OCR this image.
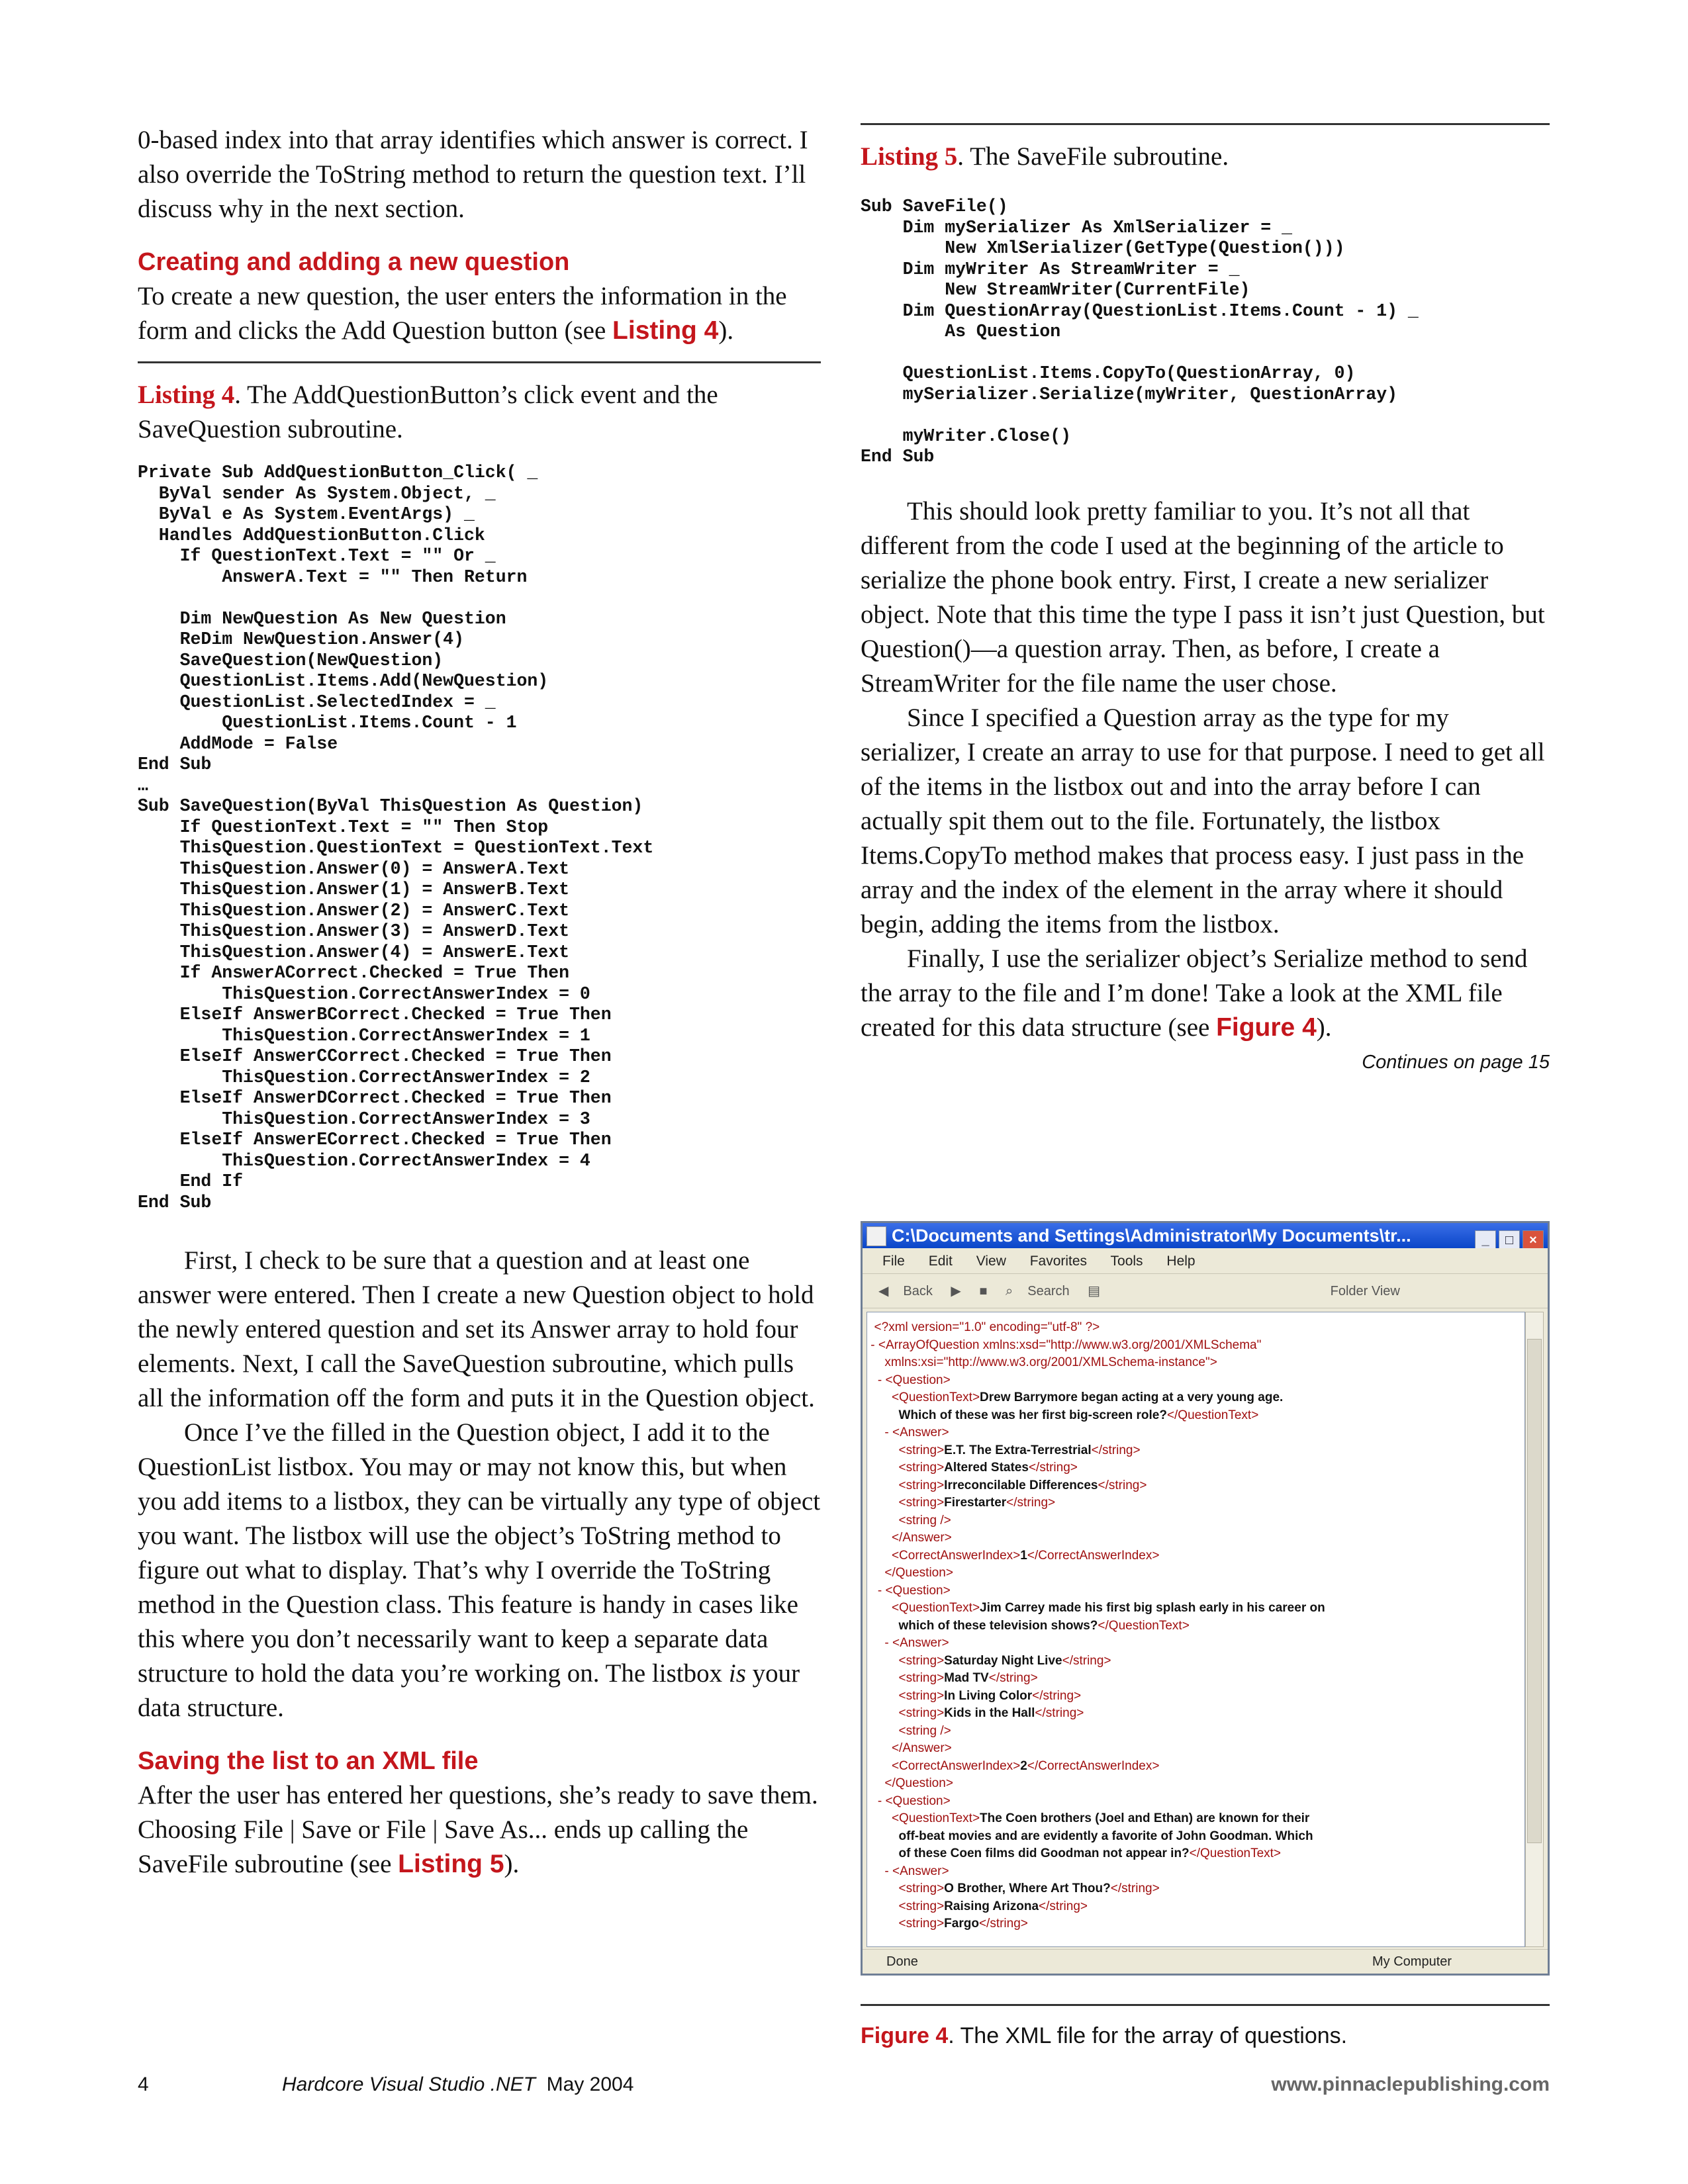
0-based index into that array identifies which answer is correct. I also override the ToString method to return the question text. I’ll discuss why in the next section.

Creating and adding a new question

To create a new question, the user enters the information in the form and clicks the Add Question button (see Listing 4).

Listing 4. The AddQuestionButton’s click event and the SaveQuestion subroutine.

Private Sub AddQuestionButton_Click( _
ByVal sender As System.Object, _
ByVal e As System.EventArgs) _
Handles AddQuestionButton.Click
If QuestionText.Text = "" Or _
AnswerA.Text = "" Then Return

Dim NewQuestion As New Question
ReDim NewQuestion.Answer(4)
SaveQuestion(NewQuestion)
QuestionList.Items.Add(NewQuestion)
QuestionList.SelectedIndex = _
QuestionList.Items.Count - 1
AddMode = False
End Sub
…
Sub SaveQuestion(ByVal ThisQuestion As Question)
If QuestionText.Text = "" Then Stop
ThisQuestion.QuestionText = QuestionText.Text
ThisQuestion.Answer(0) = AnswerA.Text
ThisQuestion.Answer(1) = AnswerB.Text
ThisQuestion.Answer(2) = AnswerC.Text
ThisQuestion.Answer(3) = AnswerD.Text
ThisQuestion.Answer(4) = AnswerE.Text
If AnswerACorrect.Checked = True Then
ThisQuestion.CorrectAnswerIndex = 0
ElseIf AnswerBCorrect.Checked = True Then
ThisQuestion.CorrectAnswerIndex = 1
ElseIf AnswerCCorrect.Checked = True Then
ThisQuestion.CorrectAnswerIndex = 2
ElseIf AnswerDCorrect.Checked = True Then
ThisQuestion.CorrectAnswerIndex = 3
ElseIf AnswerECorrect.Checked = True Then
ThisQuestion.CorrectAnswerIndex = 4
End If
End Sub

First, I check to be sure that a question and at least one answer were entered. Then I create a new Question object to hold the newly entered question and set its Answer array to hold four elements. Next, I call the SaveQuestion subroutine, which pulls all the information off the form and puts it in the Question object.

Once I’ve the filled in the Question object, I add it to the QuestionList listbox. You may or may not know this, but when you add items to a listbox, they can be virtually any type of object you want. The listbox will use the object’s ToString method to figure out what to display. That’s why I override the ToString method in the Question class. This feature is handy in cases like this where you don’t necessarily want to keep a separate data structure to hold the data you’re working on. The listbox is your data structure.

Saving the list to an XML file

After the user has entered her questions, she’s ready to save them. Choosing File | Save or File | Save As... ends up calling the SaveFile subroutine (see Listing 5).

Listing 5. The SaveFile subroutine.

Sub SaveFile()
Dim mySerializer As XmlSerializer = _
New XmlSerializer(GetType(Question()))
Dim myWriter As StreamWriter = _
New StreamWriter(CurrentFile)
Dim QuestionArray(QuestionList.Items.Count - 1) _
As Question

QuestionList.Items.CopyTo(QuestionArray, 0)
mySerializer.Serialize(myWriter, QuestionArray)

myWriter.Close()
End Sub

This should look pretty familiar to you. It’s not all that different from the code I used at the beginning of the article to serialize the phone book entry. First, I create a new serializer object. Note that this time the type I pass it isn’t just Question, but Question()—a question array. Then, as before, I create a StreamWriter for the file name the user chose.

Since I specified a Question array as the type for my serializer, I create an array to use for that purpose. I need to get all of the items in the listbox out and into the array before I can actually spit them out to the file. Fortunately, the listbox Items.CopyTo method makes that process easy. I just pass in the array and the index of the element in the array where it should begin, adding the items from the listbox.

Finally, I use the serializer object’s Serialize method to send the array to the file and I’m done! Take a look at the XML file created for this data structure (see Figure 4).

Continues on page 15
C:\Documents and Settings\Administrator\My Documents\tr...	_ □ ×
File Edit View Favorites Tools Help
◀ Back ▶ ■ ⌕ Search ▤	Folder View
<?xml version="1.0" encoding="utf-8" ?>
- <ArrayOfQuestion xmlns:xsd="http://www.w3.org/2001/XMLSchema"
xmlns:xsi="http://www.w3.org/2001/XMLSchema-instance">
- <Question>
<QuestionText>Drew Barrymore began acting at a very young age.
Which of these was her first big-screen role?</QuestionText>
- <Answer>
<string>E.T. The Extra-Terrestrial</string>
<string>Altered States</string>
<string>Irreconcilable Differences</string>
<string>Firestarter</string>
<string />
</Answer>
<CorrectAnswerIndex>1</CorrectAnswerIndex>
</Question>
- <Question>
<QuestionText>Jim Carrey made his first big splash early in his career on
which of these television shows?</QuestionText>
- <Answer>
<string>Saturday Night Live</string>
<string>Mad TV</string>
<string>In Living Color</string>
<string>Kids in the Hall</string>
<string />
</Answer>
<CorrectAnswerIndex>2</CorrectAnswerIndex>
</Question>
- <Question>
<QuestionText>The Coen brothers (Joel and Ethan) are known for their
off-beat movies and are evidently a favorite of John Goodman. Which
of these Coen films did Goodman not appear in?</QuestionText>
- <Answer>
<string>O Brother, Where Art Thou?</string>
<string>Raising Arizona</string>
<string>Fargo</string>
Done	My Computer

Figure 4. The XML file for the array of questions.

4	Hardcore Visual Studio .NET May 2004	www.pinnaclepublishing.com
